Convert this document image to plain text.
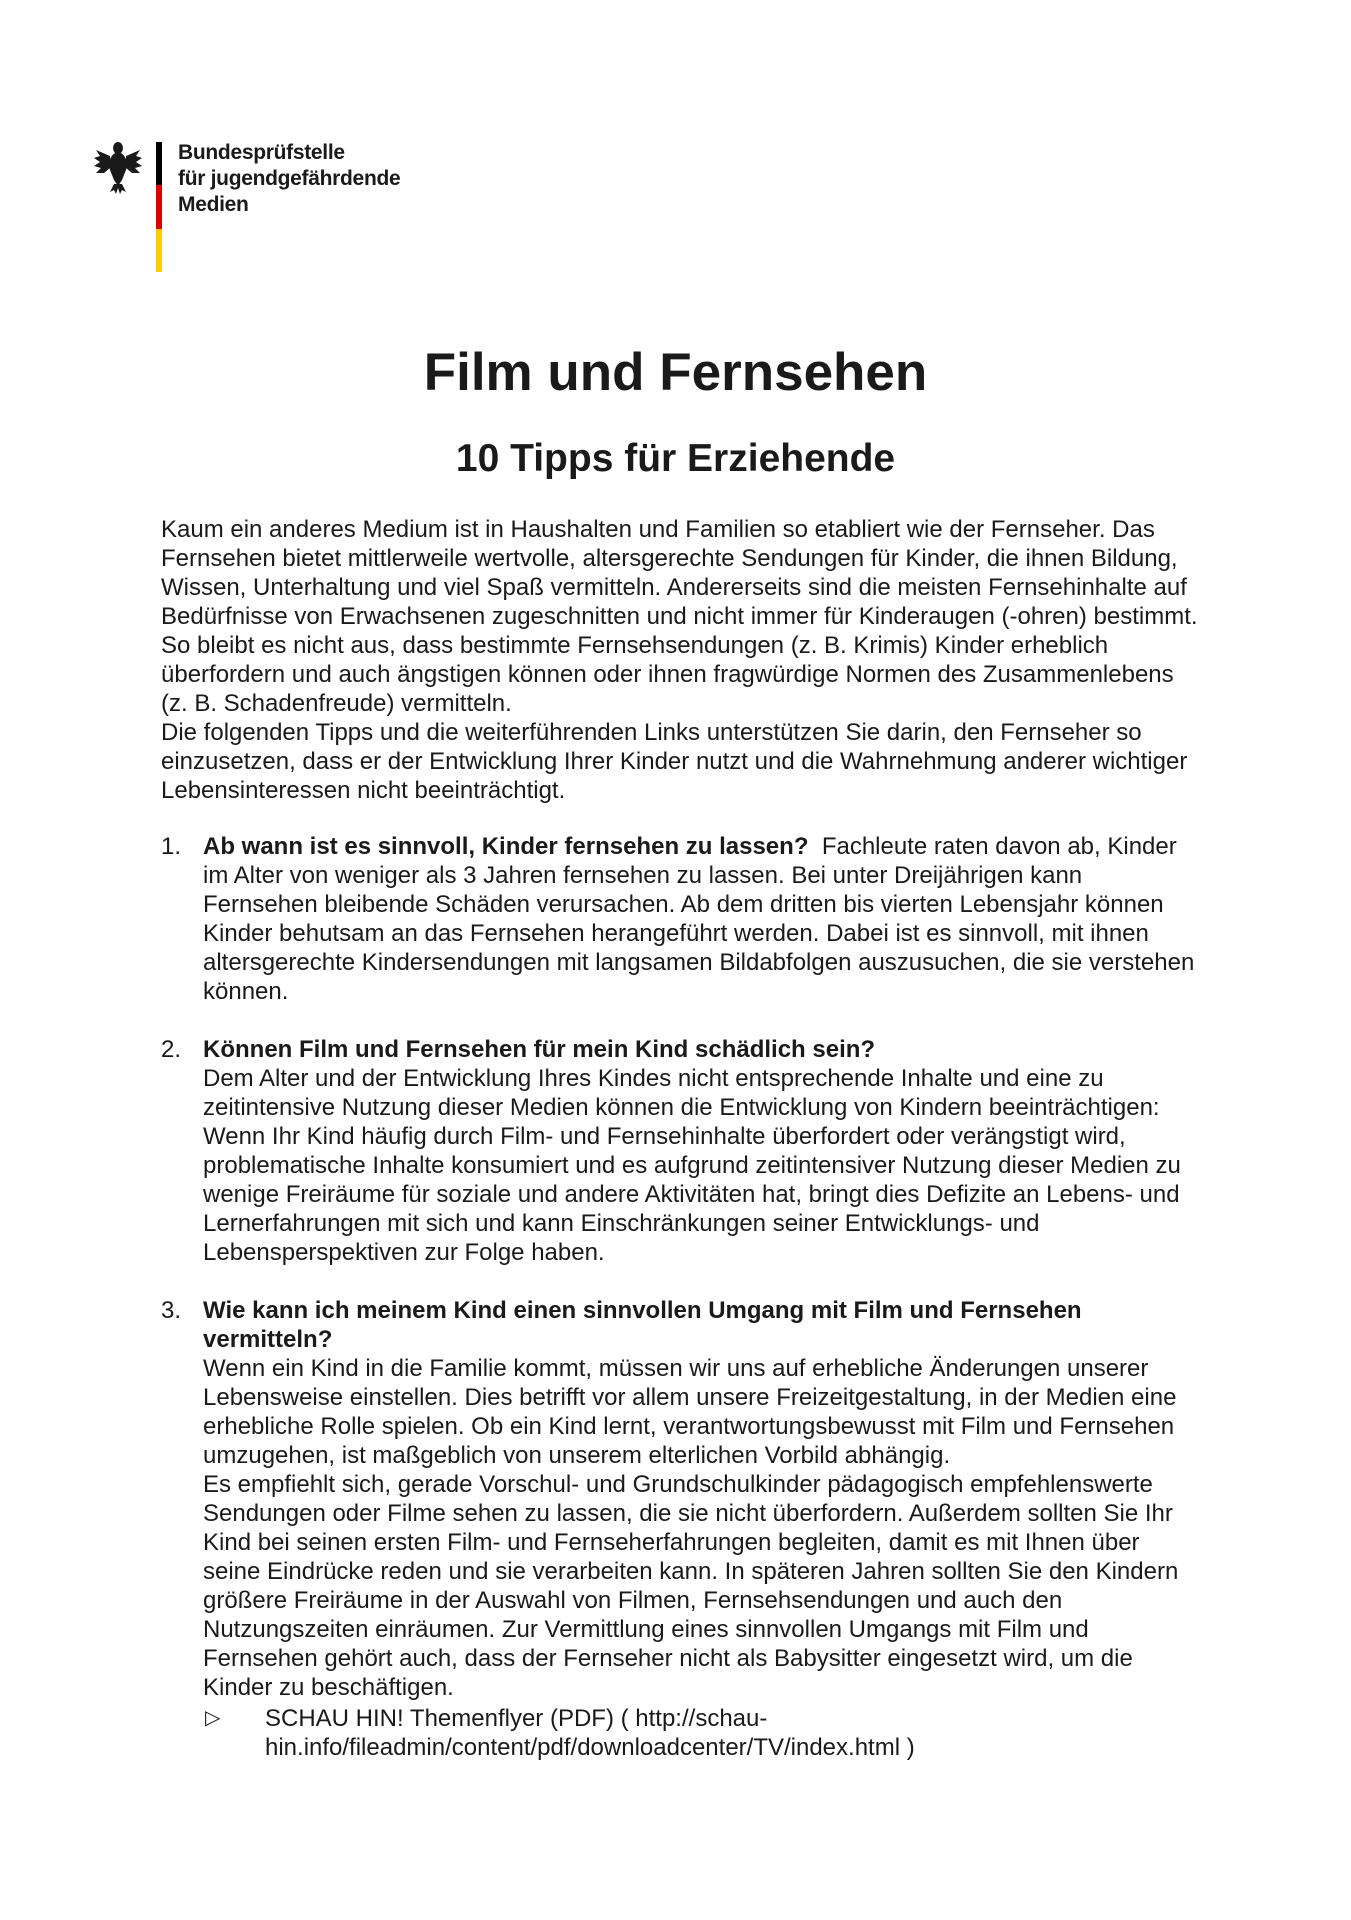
Bundesprüfstelle
für jugendgefährdende
Medien
Film und Fernsehen
10 Tipps für Erziehende

Kaum ein anderes Medium ist in Haushalten und Familien so etabliert wie der Fernseher. Das Fernsehen bietet mittlerweile wertvolle, altersgerechte Sendungen für Kinder, die ihnen Bildung, Wissen, Unterhaltung und viel Spaß vermitteln. Andererseits sind die meisten Fernsehinhalte auf Bedürfnisse von Erwachsenen zugeschnitten und nicht immer für Kinderaugen (-ohren) bestimmt. So bleibt es nicht aus, dass bestimmte Fernsehsendungen (z. B. Krimis) Kinder erheblich überfordern und auch ängstigen können oder ihnen fragwürdige Normen des Zusammenlebens (z. B. Schadenfreude) vermitteln.

Die folgenden Tipps und die weiterführenden Links unterstützen Sie darin, den Fernseher so einzusetzen, dass er der Entwicklung Ihrer Kinder nutzt und die Wahrnehmung anderer wichtiger Lebensinteressen nicht beeinträchtigt.

1. Ab wann ist es sinnvoll, Kinder fernsehen zu lassen? Fachleute raten davon ab, Kinder im Alter von weniger als 3 Jahren fernsehen zu lassen. Bei unter Dreijährigen kann Fernsehen bleibende Schäden verursachen. Ab dem dritten bis vierten Lebensjahr können Kinder behutsam an das Fernsehen herangeführt werden. Dabei ist es sinnvoll, mit ihnen altersgerechte Kindersendungen mit langsamen Bildabfolgen auszusuchen, die sie verstehen können.

2. Können Film und Fernsehen für mein Kind schädlich sein?

Dem Alter und der Entwicklung Ihres Kindes nicht entsprechende Inhalte und eine zu zeitintensive Nutzung dieser Medien können die Entwicklung von Kindern beeinträchtigen: Wenn Ihr Kind häufig durch Film- und Fernsehinhalte überfordert oder verängstigt wird, problematische Inhalte konsumiert und es aufgrund zeitintensiver Nutzung dieser Medien zu wenige Freiräume für soziale und andere Aktivitäten hat, bringt dies Defizite an Lebens- und Lernerfahrungen mit sich und kann Einschränkungen seiner Entwicklungs- und Lebensperspektiven zur Folge haben.

3. Wie kann ich meinem Kind einen sinnvollen Umgang mit Film und Fernsehen vermitteln?

Wenn ein Kind in die Familie kommt, müssen wir uns auf erhebliche Änderungen unserer Lebensweise einstellen. Dies betrifft vor allem unsere Freizeitgestaltung, in der Medien eine erhebliche Rolle spielen. Ob ein Kind lernt, verantwortungsbewusst mit Film und Fernsehen umzugehen, ist maßgeblich von unserem elterlichen Vorbild abhängig.

Es empfiehlt sich, gerade Vorschul- und Grundschulkinder pädagogisch empfehlenswerte Sendungen oder Filme sehen zu lassen, die sie nicht überfordern. Außerdem sollten Sie Ihr Kind bei seinen ersten Film- und Fernseherfahrungen begleiten, damit es mit Ihnen über seine Eindrücke reden und sie verarbeiten kann. In späteren Jahren sollten Sie den Kindern größere Freiräume in der Auswahl von Filmen, Fernsehsendungen und auch den Nutzungszeiten einräumen. Zur Vermittlung eines sinnvollen Umgangs mit Film und Fernsehen gehört auch, dass der Fernseher nicht als Babysitter eingesetzt wird, um die Kinder zu beschäftigen.

▷ SCHAU HIN! Themenflyer (PDF) ( http://schau-hin.info/fileadmin/content/pdf/downloadcenter/TV/index.html )
